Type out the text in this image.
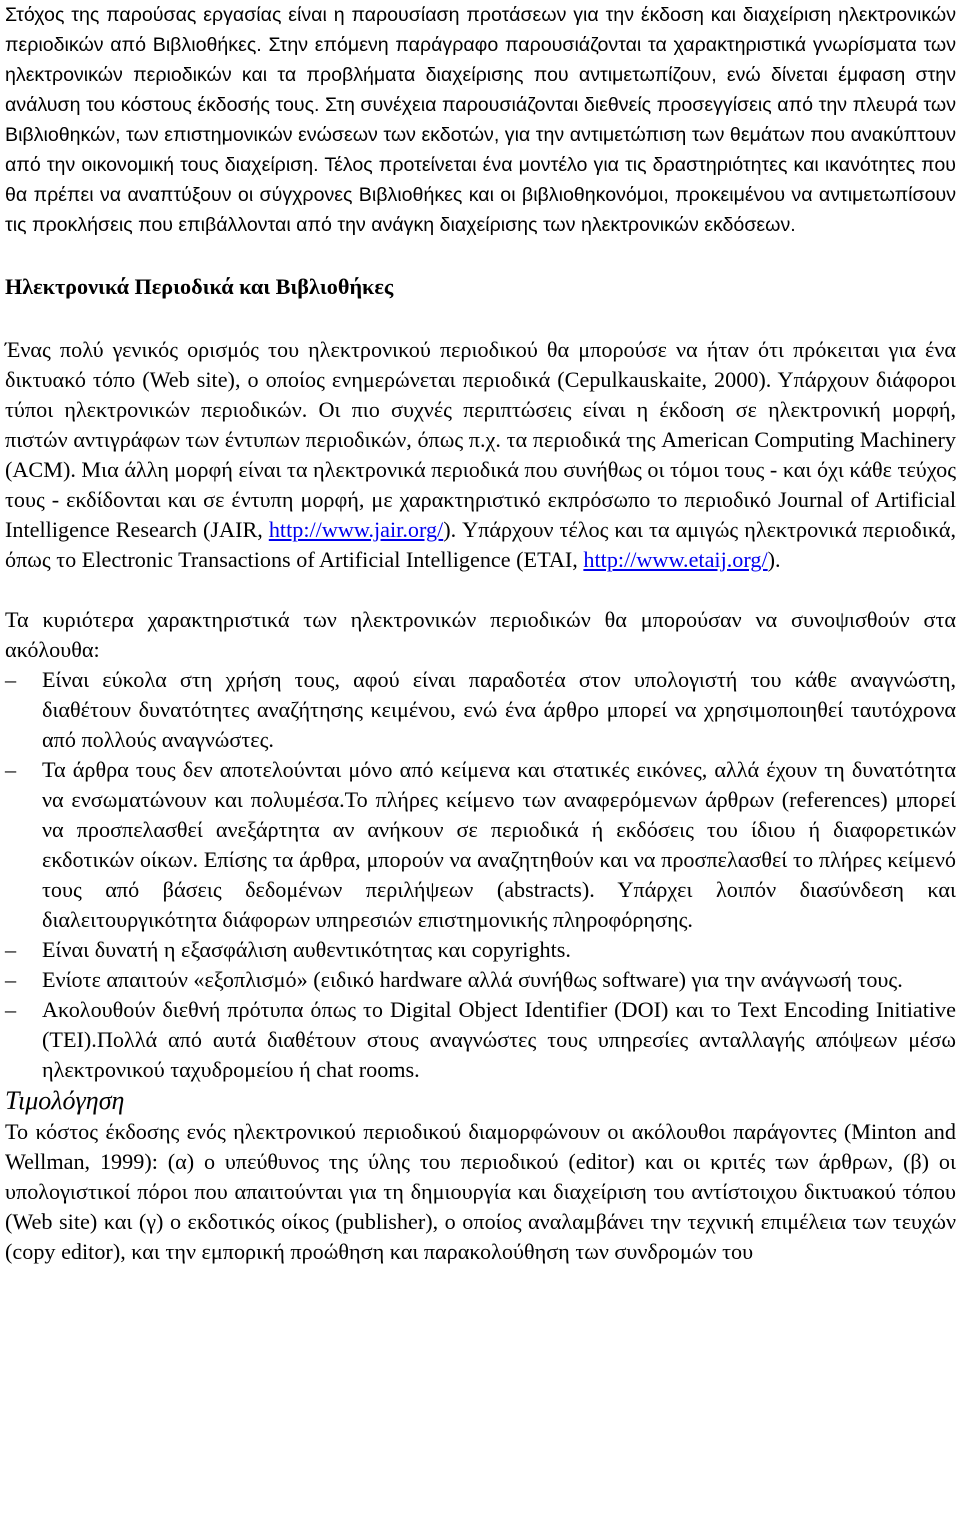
Στόχος της παρούσας εργασίας είναι η παρουσίαση προτάσεων για την έκδοση και διαχείριση ηλεκτρονικών περιοδικών από Βιβλιοθήκες. Στην επόμενη παράγραφο παρουσιάζονται τα χαρακτηριστικά γνωρίσματα των ηλεκτρονικών περιοδικών και τα προβλήματα διαχείρισης που αντιμετωπίζουν, ενώ δίνεται έμφαση στην ανάλυση του κόστους έκδοσής τους. Στη συνέχεια παρουσιάζονται διεθνείς προσεγγίσεις από την πλευρά των Βιβλιοθηκών, των επιστημονικών ενώσεων των εκδοτών, για την αντιμετώπιση των θεμάτων που ανακύπτουν από την οικονομική τους διαχείριση. Τέλος προτείνεται ένα μοντέλο για τις δραστηριότητες και ικανότητες που θα πρέπει να αναπτύξουν οι σύγχρονες Βιβλιοθήκες και οι βιβλιοθηκονόμοι, προκειμένου να αντιμετωπίσουν τις προκλήσεις που επιβάλλονται από την ανάγκη διαχείρισης των ηλεκτρονικών εκδόσεων.

Ηλεκτρονικά Περιοδικά και Βιβλιοθήκες

Ένας πολύ γενικός ορισμός του ηλεκτρονικού περιοδικού θα μπορούσε να ήταν ότι πρόκειται για ένα δικτυακό τόπο (Web site), ο οποίος ενημερώνεται περιοδικά (Cepulkauskaite, 2000). Υπάρχουν διάφοροι τύποι ηλεκτρονικών περιοδικών. Οι πιο συχνές περιπτώσεις είναι η έκδοση σε ηλεκτρονική μορφή, πιστών αντιγράφων των έντυπων περιοδικών, όπως π.χ. τα περιοδικά της American Computing Machinery (ACM). Μια άλλη μορφή είναι τα ηλεκτρονικά περιοδικά που συνήθως οι τόμοι τους - και όχι κάθε τεύχος τους - εκδίδονται και σε έντυπη μορφή, με χαρακτηριστικό εκπρόσωπο το περιοδικό Journal of Artificial Intelligence Research (JAIR, http://www.jair.org/). Υπάρχουν τέλος και τα αμιγώς ηλεκτρονικά περιοδικά, όπως το Electronic Transactions of Artificial Intelligence (ETAI, http://www.etaij.org/).

Τα κυριότερα χαρακτηριστικά των ηλεκτρονικών περιοδικών θα μπορούσαν να συνοψισθούν στα ακόλουθα:

– Είναι εύκολα στη χρήση τους, αφού είναι παραδοτέα στον υπολογιστή του κάθε αναγνώστη, διαθέτουν δυνατότητες αναζήτησης κειμένου, ενώ ένα άρθρο μπορεί να χρησιμοποιηθεί ταυτόχρονα από πολλούς αναγνώστες.
– Τα άρθρα τους δεν αποτελούνται μόνο από κείμενα και στατικές εικόνες, αλλά έχουν τη δυνατότητα να ενσωματώνουν και πολυμέσα.Το πλήρες κείμενο των αναφερόμενων άρθρων (references) μπορεί να προσπελασθεί ανεξάρτητα αν ανήκουν σε περιοδικά ή εκδόσεις του ίδιου ή διαφορετικών εκδοτικών οίκων. Επίσης τα άρθρα, μπορούν να αναζητηθούν και να προσπελασθεί το πλήρες κείμενό τους από βάσεις δεδομένων περιλήψεων (abstracts). Υπάρχει λοιπόν διασύνδεση και διαλειτουργικότητα διάφορων υπηρεσιών επιστημονικής πληροφόρησης.
– Είναι δυνατή η εξασφάλιση αυθεντικότητας και copyrights.
– Ενίοτε απαιτούν «εξοπλισμό» (ειδικό hardware αλλά συνήθως software) για την ανάγνωσή τους.
– Ακολουθούν διεθνή πρότυπα όπως το Digital Object Identifier (DOI) και το Text Encoding Initiative (TEI).Πολλά από αυτά διαθέτουν στους αναγνώστες τους υπηρεσίες ανταλλαγής απόψεων μέσω ηλεκτρονικού ταχυδρομείου ή chat rooms.
Τιμολόγηση

Το κόστος έκδοσης ενός ηλεκτρονικού περιοδικού διαμορφώνουν οι ακόλουθοι παράγοντες (Minton and Wellman, 1999): (α) ο υπεύθυνος της ύλης του περιοδικού (editor) και οι κριτές των άρθρων, (β) οι υπολογιστικοί πόροι που απαιτούνται για τη δημιουργία και διαχείριση του αντίστοιχου δικτυακού τόπου (Web site) και (γ) ο εκδοτικός οίκος (publisher), ο οποίος αναλαμβάνει την τεχνική επιμέλεια των τευχών (copy editor), και την εμπορική προώθηση και παρακολούθηση των συνδρομών του
